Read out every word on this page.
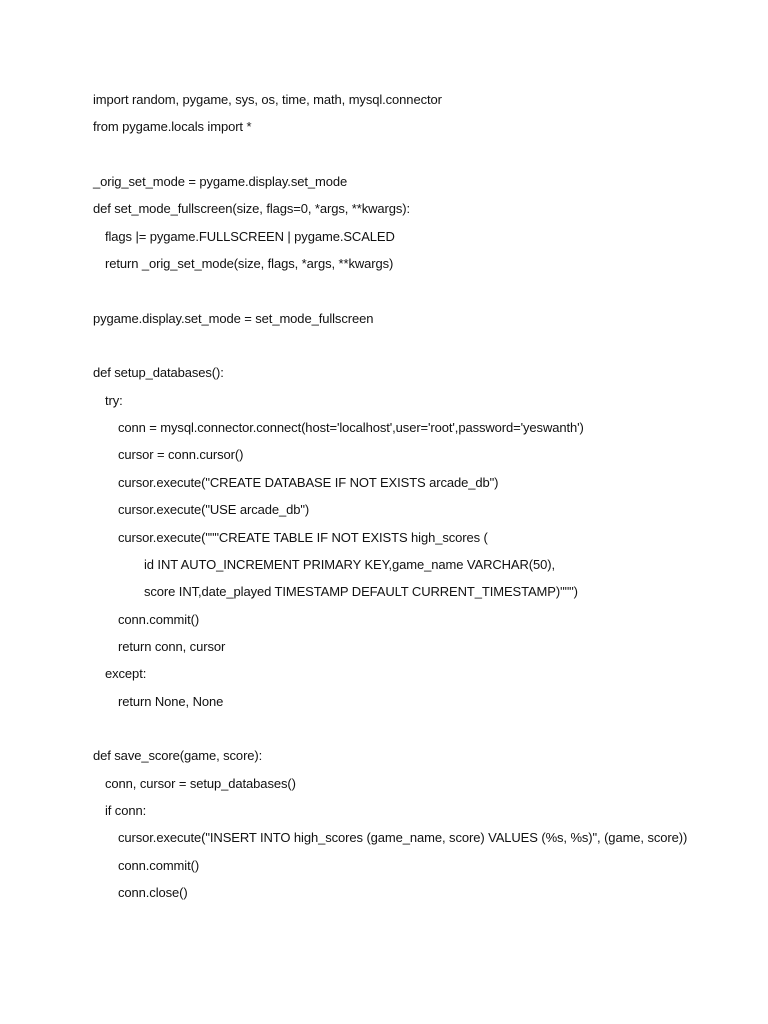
import random, pygame, sys, os, time, math, mysql.connector
from pygame.locals import *
_orig_set_mode = pygame.display.set_mode
def set_mode_fullscreen(size, flags=0, *args, **kwargs):
flags |= pygame.FULLSCREEN | pygame.SCALED
return _orig_set_mode(size, flags, *args, **kwargs)
pygame.display.set_mode = set_mode_fullscreen
def setup_databases():
try:
conn = mysql.connector.connect(host='localhost',user='root',password='yeswanth')
cursor = conn.cursor()
cursor.execute("CREATE DATABASE IF NOT EXISTS arcade_db")
cursor.execute("USE arcade_db")
cursor.execute("""CREATE TABLE IF NOT EXISTS high_scores (
id INT AUTO_INCREMENT PRIMARY KEY,game_name VARCHAR(50),
score INT,date_played TIMESTAMP DEFAULT CURRENT_TIMESTAMP)""")
conn.commit()
return conn, cursor
except:
return None, None
def save_score(game, score):
conn, cursor = setup_databases()
if conn:
cursor.execute("INSERT INTO high_scores (game_name, score) VALUES (%s, %s)", (game, score))
conn.commit()
conn.close()
